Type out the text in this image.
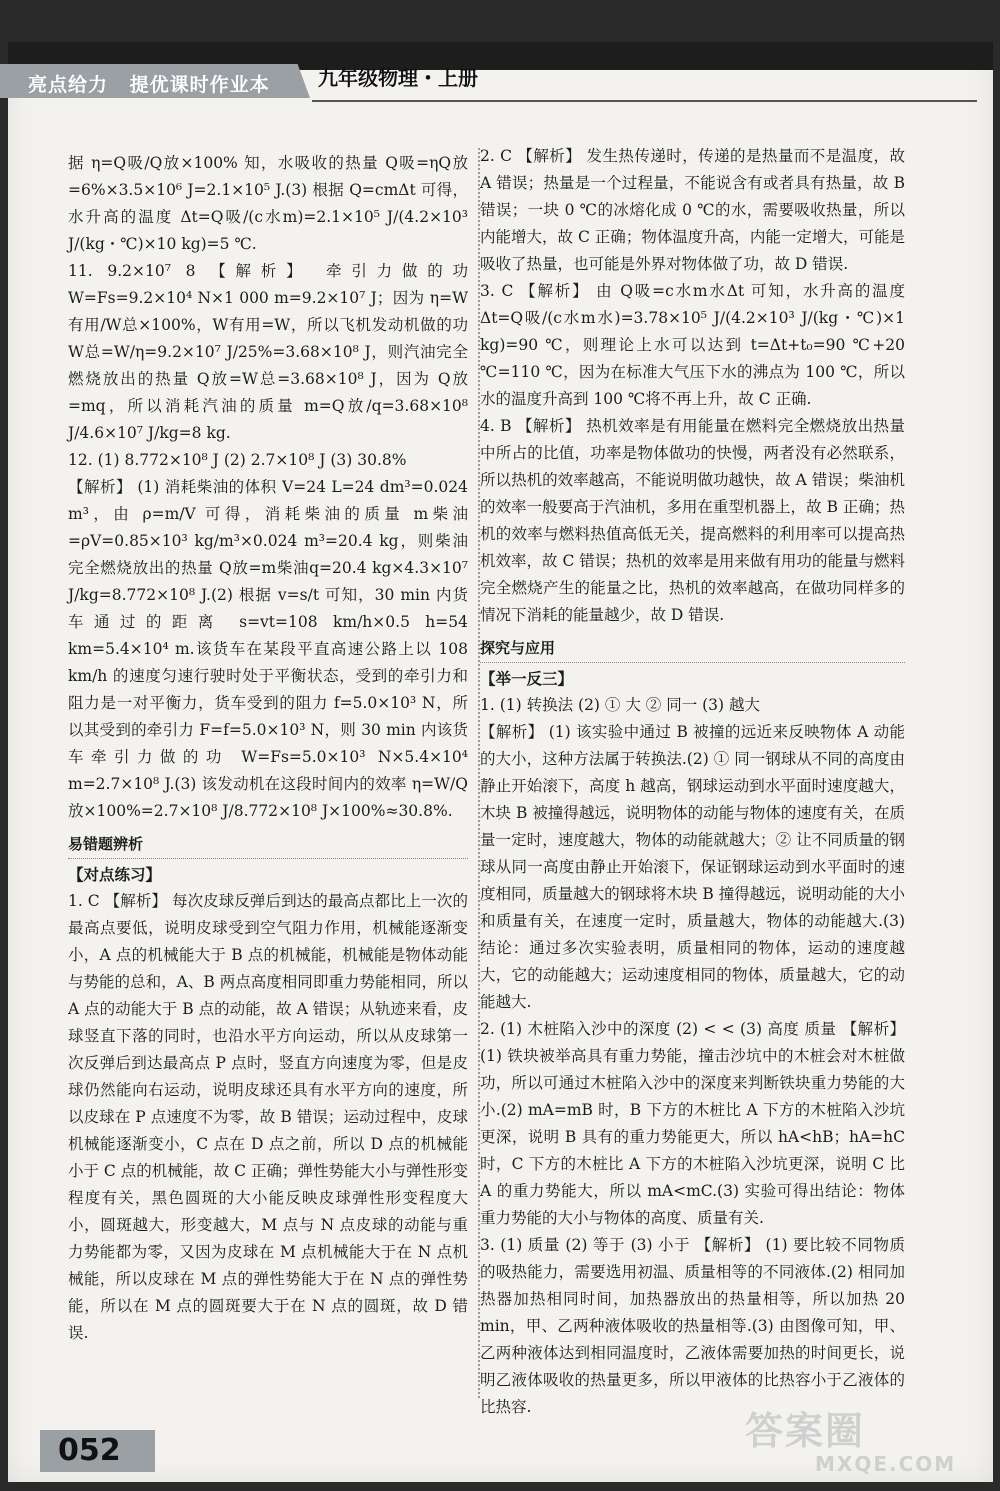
亮点给力 提优课时作业本 九年级物理・上册

据 η=Q吸/Q放×100% 知，水吸收的热量 Q吸=ηQ放=6%×3.5×10⁶ J=2.1×10⁵ J.(3) 根据 Q=cmΔt 可得，水升高的温度 Δt=Q吸/(c水m)=2.1×10⁵ J/(4.2×10³ J/(kg・℃)×10 kg)=5 ℃.

11. 9.2×10⁷ 8 【解析】 牵引力做的功 W=Fs=9.2×10⁴ N×1 000 m=9.2×10⁷ J；因为 η=W有用/W总×100%，W有用=W，所以飞机发动机做的功 W总=W/η=9.2×10⁷ J/25%=3.68×10⁸ J，则汽油完全燃烧放出的热量 Q放=W总=3.68×10⁸ J，因为 Q放=mq，所以消耗汽油的质量 m=Q放/q=3.68×10⁸ J/4.6×10⁷ J/kg=8 kg.

12. (1) 8.772×10⁸ J (2) 2.7×10⁸ J (3) 30.8%

【解析】 (1) 消耗柴油的体积 V=24 L=24 dm³=0.024 m³，由 ρ=m/V 可得，消耗柴油的质量 m柴油=ρV=0.85×10³ kg/m³×0.024 m³=20.4 kg，则柴油完全燃烧放出的热量 Q放=m柴油q=20.4 kg×4.3×10⁷ J/kg=8.772×10⁸ J.(2) 根据 v=s/t 可知，30 min 内货车通过的距离 s=vt=108 km/h×0.5 h=54 km=5.4×10⁴ m.该货车在某段平直高速公路上以 108 km/h 的速度匀速行驶时处于平衡状态，受到的牵引力和阻力是一对平衡力，货车受到的阻力 f=5.0×10³ N，所以其受到的牵引力 F=f=5.0×10³ N，则 30 min 内该货车牵引力做的功 W=Fs=5.0×10³ N×5.4×10⁴ m=2.7×10⁸ J.(3) 该发动机在这段时间内的效率 η=W/Q放×100%=2.7×10⁸ J/8.772×10⁸ J×100%≈30.8%.

易错题辨析
【对点练习】

1. C 【解析】 每次皮球反弹后到达的最高点都比上一次的最高点要低，说明皮球受到空气阻力作用，机械能逐渐变小，A 点的机械能大于 B 点的机械能，机械能是物体动能与势能的总和，A、B 两点高度相同即重力势能相同，所以 A 点的动能大于 B 点的动能，故 A 错误；从轨迹来看，皮球竖直下落的同时，也沿水平方向运动，所以从皮球第一次反弹后到达最高点 P 点时，竖直方向速度为零，但是皮球仍然能向右运动，说明皮球还具有水平方向的速度，所以皮球在 P 点速度不为零，故 B 错误；运动过程中，皮球机械能逐渐变小，C 点在 D 点之前，所以 D 点的机械能小于 C 点的机械能，故 C 正确；弹性势能大小与弹性形变程度有关，黑色圆斑的大小能反映皮球弹性形变程度大小，圆斑越大，形变越大，M 点与 N 点皮球的动能与重力势能都为零，又因为皮球在 M 点机械能大于在 N 点机械能，所以皮球在 M 点的弹性势能大于在 N 点的弹性势能，所以在 M 点的圆斑要大于在 N 点的圆斑，故 D 错误.

2. C 【解析】 发生热传递时，传递的是热量而不是温度，故 A 错误；热量是一个过程量，不能说含有或者具有热量，故 B 错误；一块 0 ℃的冰熔化成 0 ℃的水，需要吸收热量，所以内能增大，故 C 正确；物体温度升高，内能一定增大，可能是吸收了热量，也可能是外界对物体做了功，故 D 错误.

3. C 【解析】 由 Q吸=c水m水Δt 可知，水升高的温度 Δt=Q吸/(c水m水)=3.78×10⁵ J/(4.2×10³ J/(kg・℃)×1 kg)=90 ℃，则理论上水可以达到 t=Δt+t₀=90 ℃+20 ℃=110 ℃，因为在标准大气压下水的沸点为 100 ℃，所以水的温度升高到 100 ℃将不再上升，故 C 正确.

4. B 【解析】 热机效率是有用能量在燃料完全燃烧放出热量中所占的比值，功率是物体做功的快慢，两者没有必然联系，所以热机的效率越高，不能说明做功越快，故 A 错误；柴油机的效率一般要高于汽油机，多用在重型机器上，故 B 正确；热机的效率与燃料热值高低无关，提高燃料的利用率可以提高热机效率，故 C 错误；热机的效率是用来做有用功的能量与燃料完全燃烧产生的能量之比，热机的效率越高，在做功同样多的情况下消耗的能量越少，故 D 错误.

探究与应用
【举一反三】

1. (1) 转换法 (2) ① 大 ② 同一 (3) 越大

【解析】 (1) 该实验中通过 B 被撞的远近来反映物体 A 动能的大小，这种方法属于转换法.(2) ① 同一钢球从不同的高度由静止开始滚下，高度 h 越高，钢球运动到水平面时速度越大，木块 B 被撞得越远，说明物体的动能与物体的速度有关，在质量一定时，速度越大，物体的动能就越大；② 让不同质量的钢球从同一高度由静止开始滚下，保证钢球运动到水平面时的速度相同，质量越大的钢球将木块 B 撞得越远，说明动能的大小和质量有关，在速度一定时，质量越大，物体的动能越大.(3) 结论：通过多次实验表明，质量相同的物体，运动的速度越大，它的动能越大；运动速度相同的物体，质量越大，它的动能越大.

2. (1) 木桩陷入沙中的深度 (2) < < (3) 高度 质量 【解析】 (1) 铁块被举高具有重力势能，撞击沙坑中的木桩会对木桩做功，所以可通过木桩陷入沙中的深度来判断铁块重力势能的大小.(2) mA=mB 时，B 下方的木桩比 A 下方的木桩陷入沙坑更深，说明 B 具有的重力势能更大，所以 hA<hB；hA=hC 时，C 下方的木桩比 A 下方的木桩陷入沙坑更深，说明 C 比 A 的重力势能大，所以 mA<mC.(3) 实验可得出结论：物体重力势能的大小与物体的高度、质量有关.

3. (1) 质量 (2) 等于 (3) 小于 【解析】 (1) 要比较不同物质的吸热能力，需要选用初温、质量相等的不同液体.(2) 相同加热器加热相同时间，加热器放出的热量相等，所以加热 20 min，甲、乙两种液体吸收的热量相等.(3) 由图像可知，甲、乙两种液体达到相同温度时，乙液体需要加热的时间更长，说明乙液体吸收的热量更多，所以甲液体的比热容小于乙液体的比热容.

052	答案圈
MXQE.COM
